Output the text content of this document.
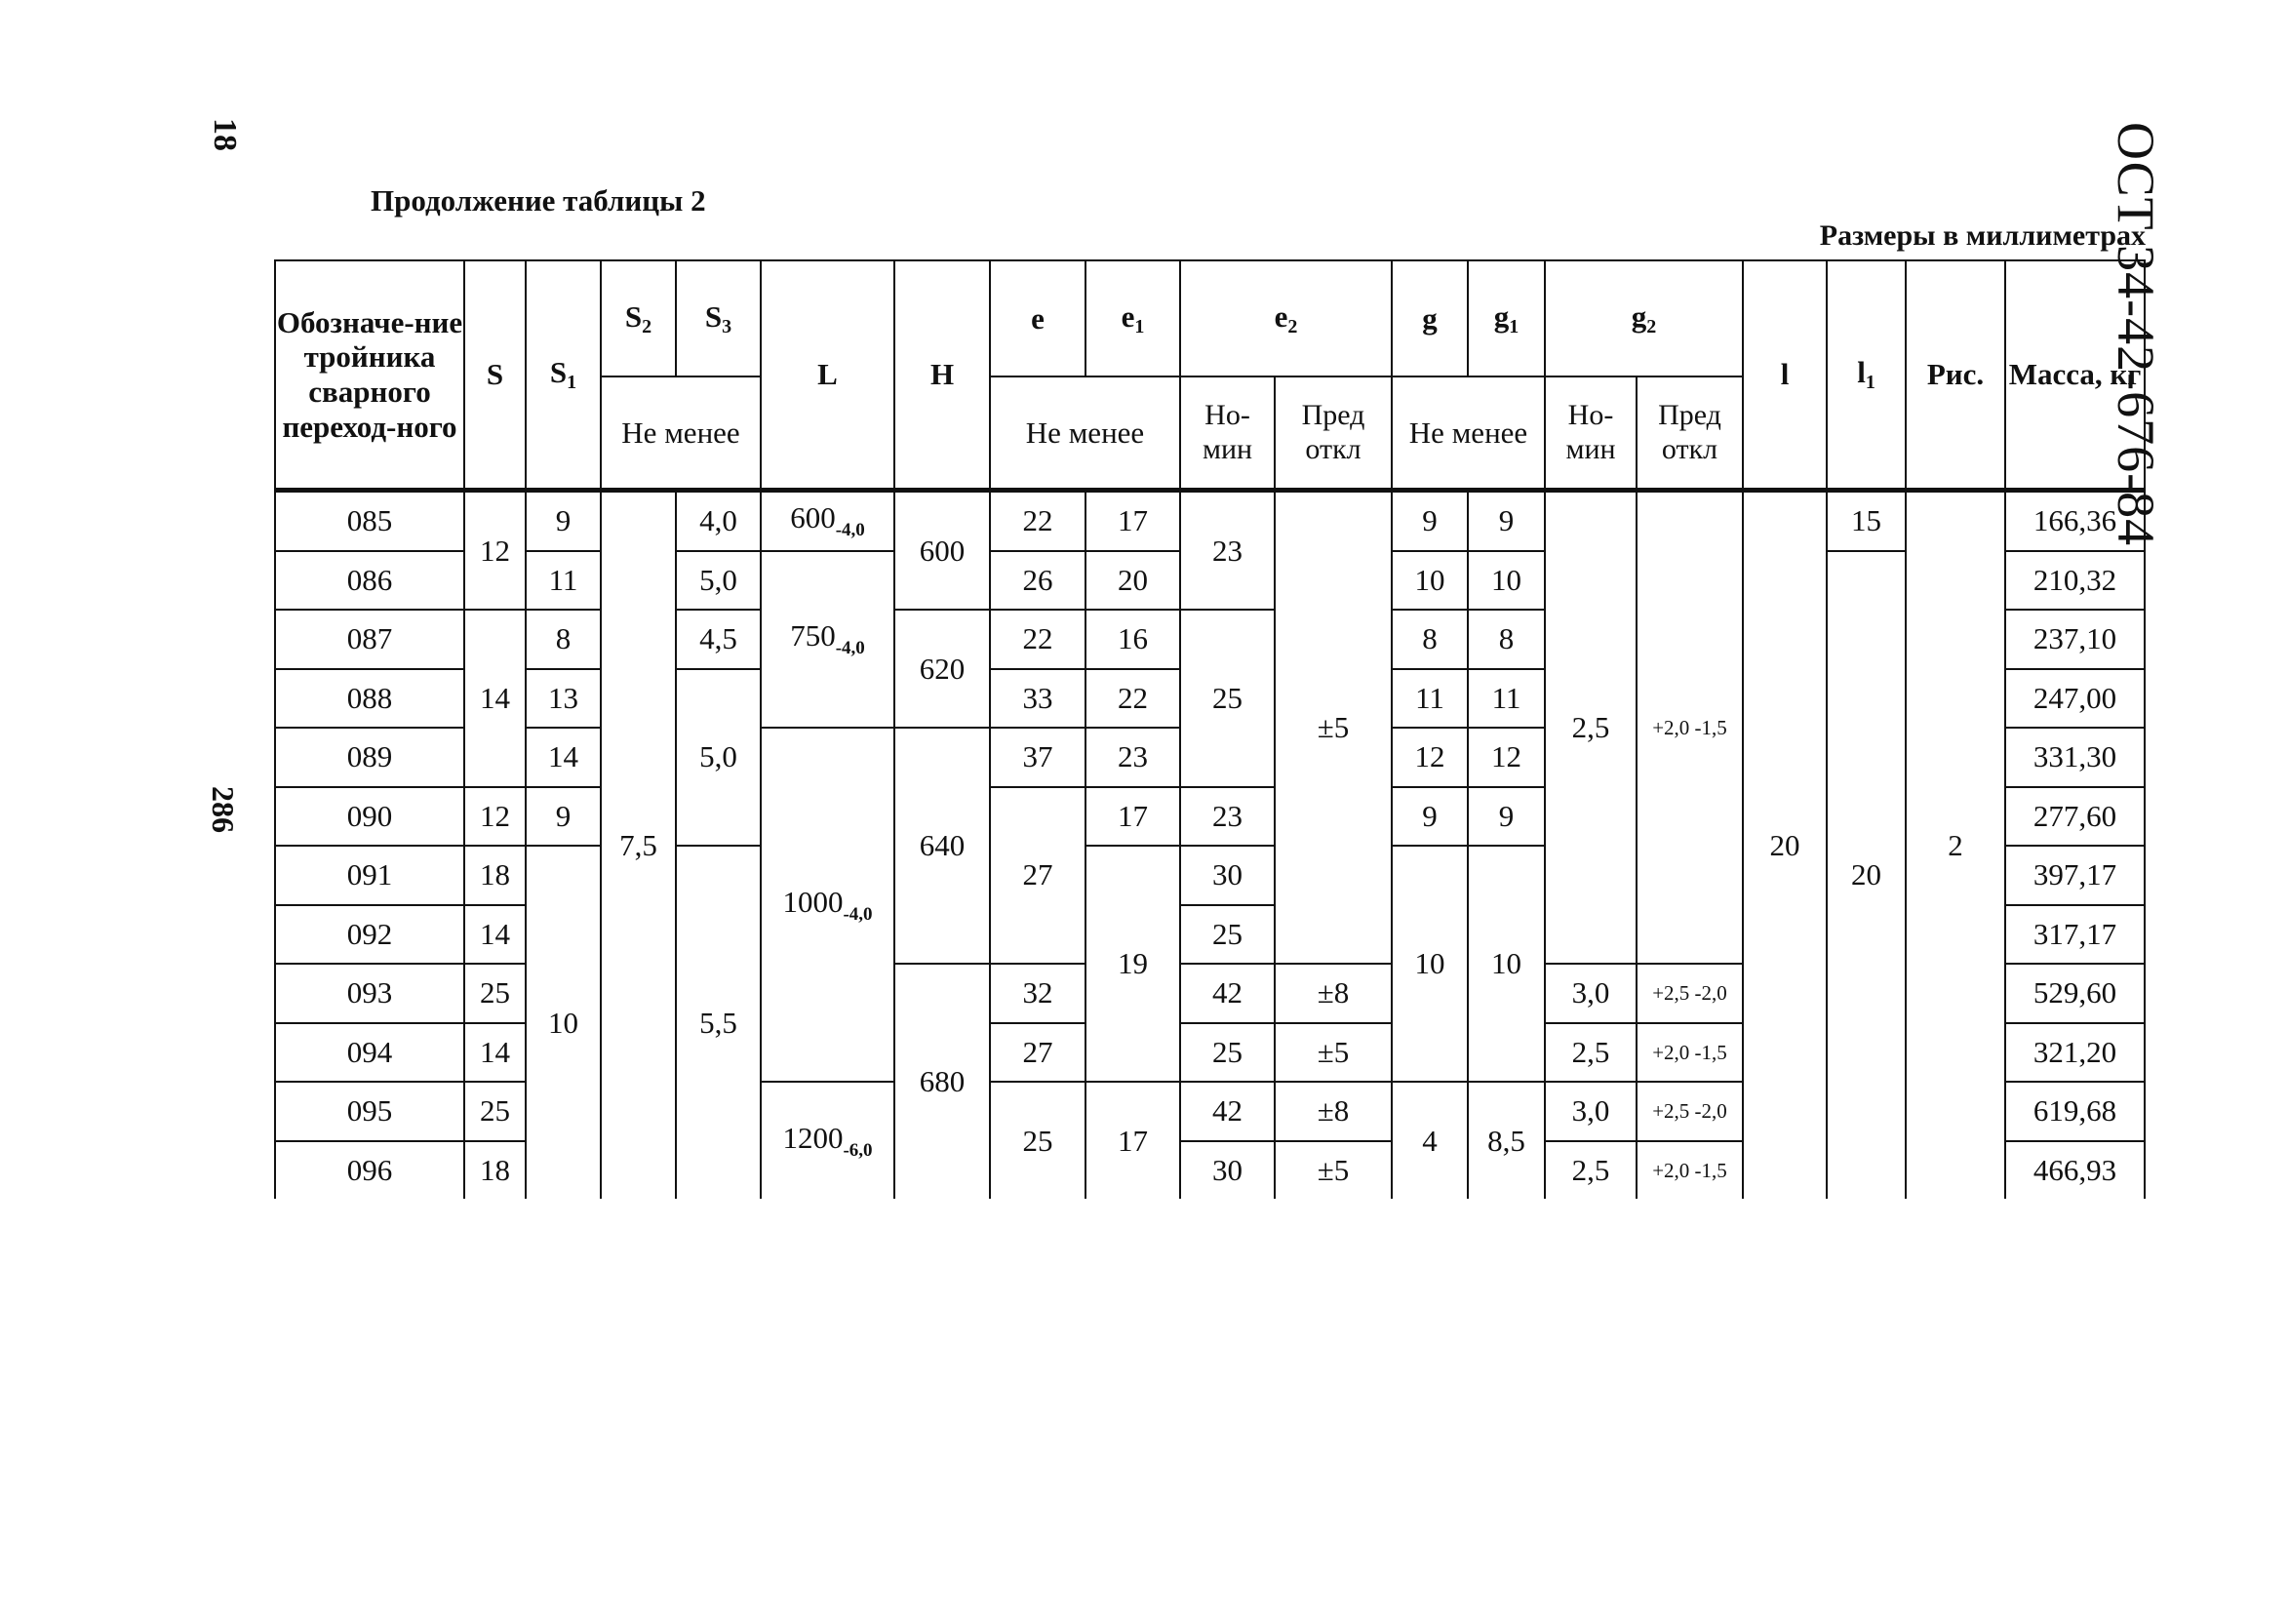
18
286
ОСТ 34-42-676-84
Продолжение таблицы 2
Размеры в миллиметрах
Обозначе-ние тройника сварного переход-ного	S	S1	S2	S3	L	H	e	e1	e2		g	g1	g2		l	l1	Рис.	Масса, кг
			Не менее				Не менее		Но-мин	Пред откл	Не менее		Но-мин	Пред откл				
085	12	9	7,5	4,0	$600_{-4,0}$	600	22	17	23	±5	9	9	2,5	+2,0 -1,5	20	15	2	166,36
086		11		5,0	$750_{-4,0}$		26	20			10	10				20		210,32
087	14	8		4,5		620	22	16	25		8	8						237,10
088		13		5,0			33	22			11	11						247,00
089		14			$1000_{-4,0}$	640	37	23			12	12						331,30
090	12	9					27	17	23		9	9						277,60
091	18	10		5,5				19	30		10	10						397,17
092	14								25									317,17
093	25					680	32		42	±8			3,0	+2,5 -2,0				529,60
094	14						27		25	±5			2,5	+2,0 -1,5				321,20
095	25				$1200_{-6,0}$		25	17	42	±8	4	8,5	3,0	+2,5 -2,0				619,68
096	18								30	±5			2,5	+2,0 -1,5				466,93
